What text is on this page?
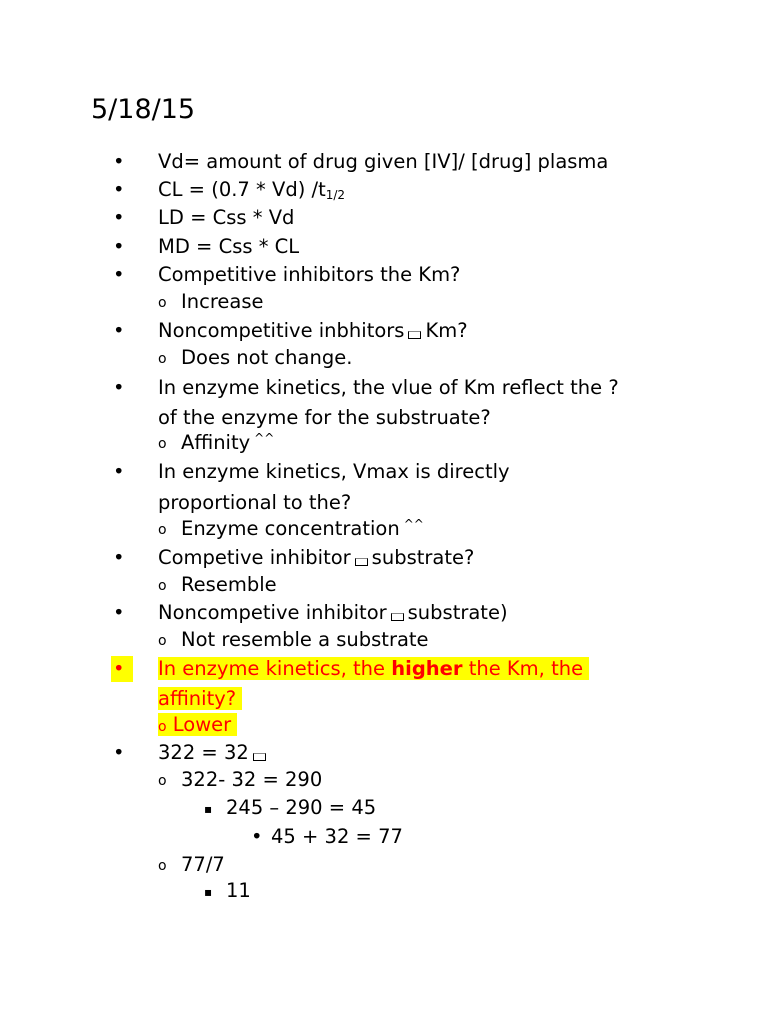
5/18/15
• Vd= amount of drug given [IV]/ [drug] plasma
• CL = (0.7 * Vd) /t1/2
• LD = Css * Vd
• MD = Css * CL
• Competitive inhibitors the Km?
o Increase
• Noncompetitive inbhitors Km?
o Does not change.
• In enzyme kinetics, the vlue of Km reflect the ?
of the enzyme for the substruate?
o Affinity ^^
• In enzyme kinetics, Vmax is directly
proportional to the?
o Enzyme concentration ^^
• Competive inhibitor substrate?
o Resemble
• Noncompetive inhibitor substrate)
o Not resemble a substrate
•	In enzyme kinetics, the higher the Km, the
affinity?
o Lower
• 322 = 32
o 322- 32 = 290
▪ 245 – 290 = 45
• 45 + 32 = 77
o 77/7
▪ 11
